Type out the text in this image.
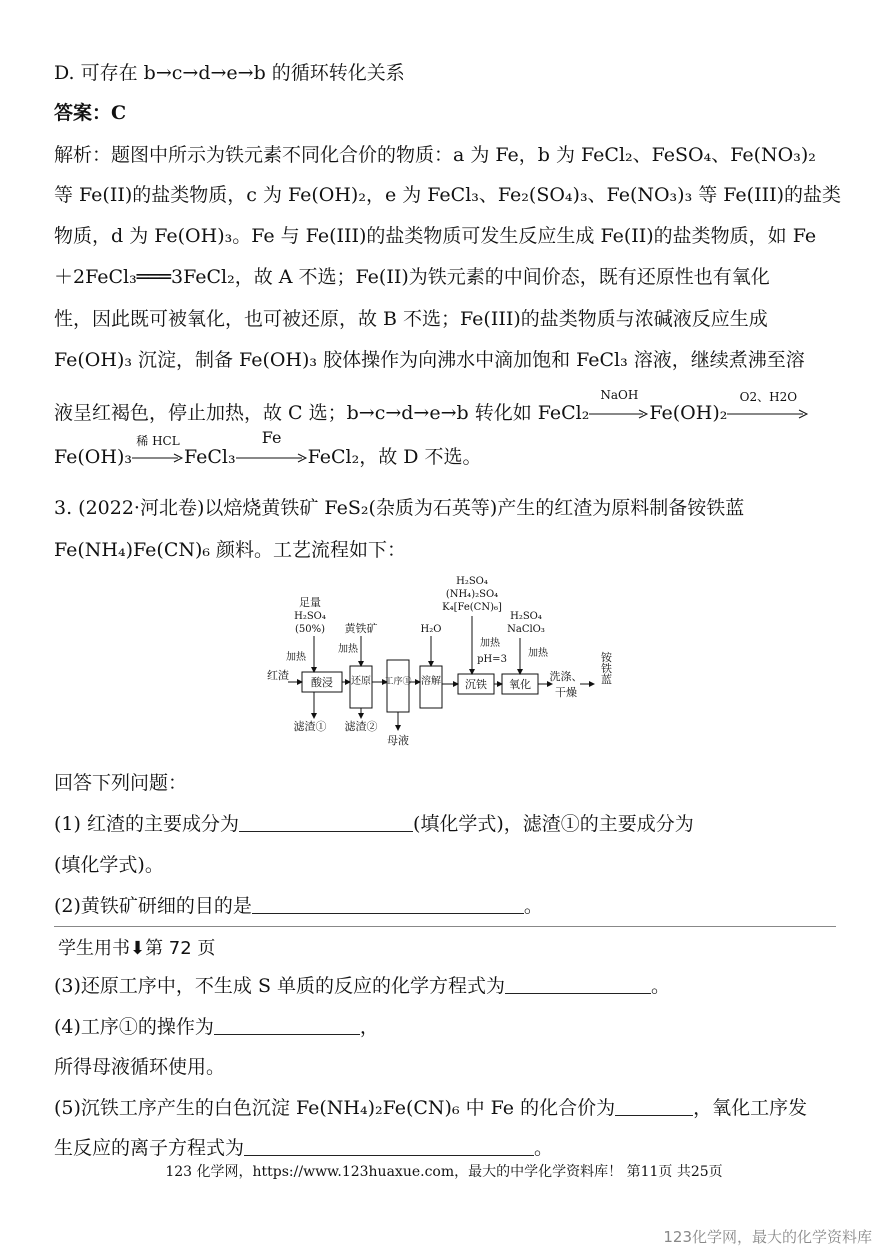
D. 可存在 b→c→d→e→b 的循环转化关系
答案：C
解析：题图中所示为铁元素不同化合价的物质：a 为 Fe，b 为 FeCl₂、FeSO₄、Fe(NO₃)₂
等 Fe(II)的盐类物质，c 为 Fe(OH)₂，e 为 FeCl₃、Fe₂(SO₄)₃、Fe(NO₃)₃ 等 Fe(III)的盐类
物质，d 为 Fe(OH)₃。Fe 与 Fe(III)的盐类物质可发生反应生成 Fe(II)的盐类物质，如 Fe
＋2FeCl₃═══3FeCl₂，故 A 不选；Fe(II)为铁元素的中间价态，既有还原性也有氧化
性，因此既可被氧化，也可被还原，故 B 不选；Fe(III)的盐类物质与浓碱液反应生成
Fe(OH)₃ 沉淀，制备 Fe(OH)₃ 胶体操作为向沸水中滴加饱和 FeCl₃ 溶液，继续煮沸至溶
液呈红褐色，停止加热，故 C 选；b→c→d→e→b 转化如 FeCl₂
NaOH
Fe(OH)₂
O2、H2O
Fe(OH)₃
稀 HCL
FeCl₃
Fe
FeCl₂，故 D 不选。
3. (2022·河北卷)以焙烧黄铁矿 FeS₂(杂质为石英等)产生的红渣为原料制备铵铁蓝
Fe(NH₄)Fe(CN)₆ 颜料。工艺流程如下：
红渣
酸浸 还原 工序① 溶解 沉铁 氧化
足量
H₂SO₄
(50%)
加热
黄铁矿
加热
H₂O
H₂SO₄
(NH₄)₂SO₄
K₄[Fe(CN)₆]
加热
pH=3
H₂SO₄
NaClO₃
加热
洗涤、
干燥
滤渣① 滤渣②
母液
铵铁蓝
回答下列问题：
(1) 红渣的主要成分为	(填化学式)，滤渣①的主要成分为
(填化学式)。
(2)黄铁矿研细的目的是	。
学生用书⬇第 72 页
(3)还原工序中，不生成 S 单质的反应的化学方程式为	。
(4)工序①的操作为	，
所得母液循环使用。
(5)沉铁工序产生的白色沉淀 Fe(NH₄)₂Fe(CN)₆ 中 Fe 的化合价为	，氧化工序发
生反应的离子方程式为	。
123 化学网，https://www.123huaxue.com，最大的中学化学资料库！ 第11页 共25页
123化学网，最大的化学资料库
